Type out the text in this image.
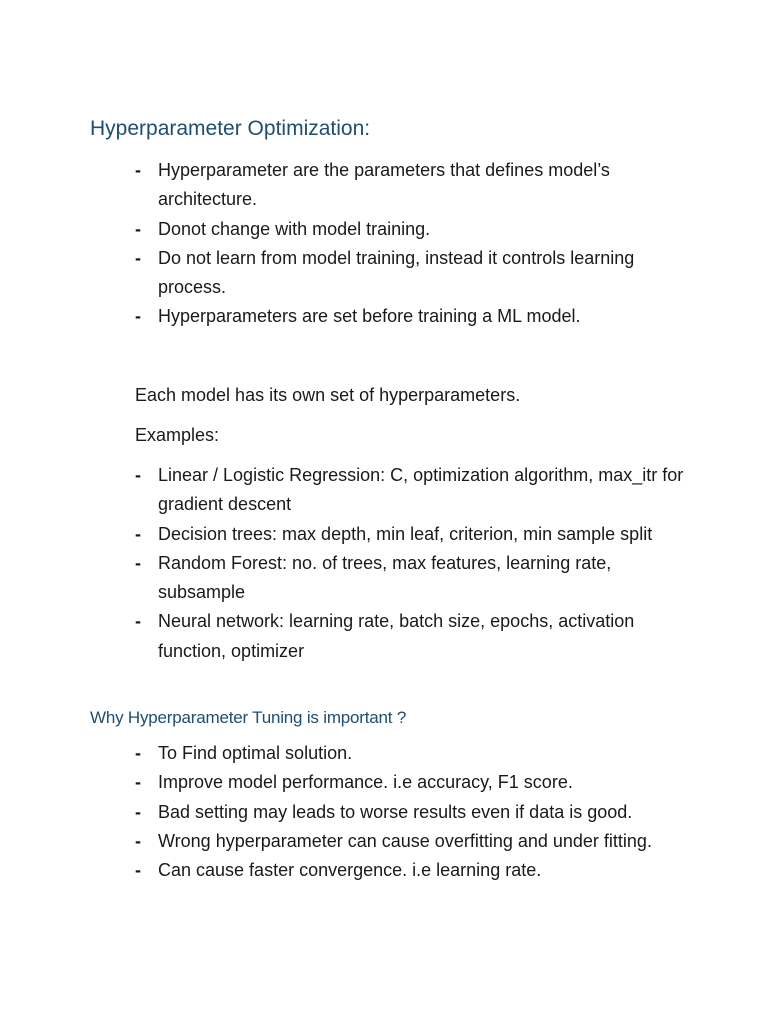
Hyperparameter Optimization:
- Hyperparameter are the parameters that defines model’s architecture.
- Donot change with model training.
- Do not learn from model training, instead it controls learning process.
- Hyperparameters are set before training a ML model.

Each model has its own set of hyperparameters.

Examples:

- Linear / Logistic Regression: C, optimization algorithm, max_itr for gradient descent
- Decision trees: max depth, min leaf, criterion, min sample split
- Random Forest: no. of trees, max features, learning rate, subsample
- Neural network: learning rate, batch size, epochs, activation function, optimizer
Why Hyperparameter Tuning is important ?
- To Find optimal solution.
- Improve model performance. i.e accuracy, F1 score.
- Bad setting may leads to worse results even if data is good.
- Wrong hyperparameter can cause overfitting and under fitting.
- Can cause faster convergence. i.e learning rate.
